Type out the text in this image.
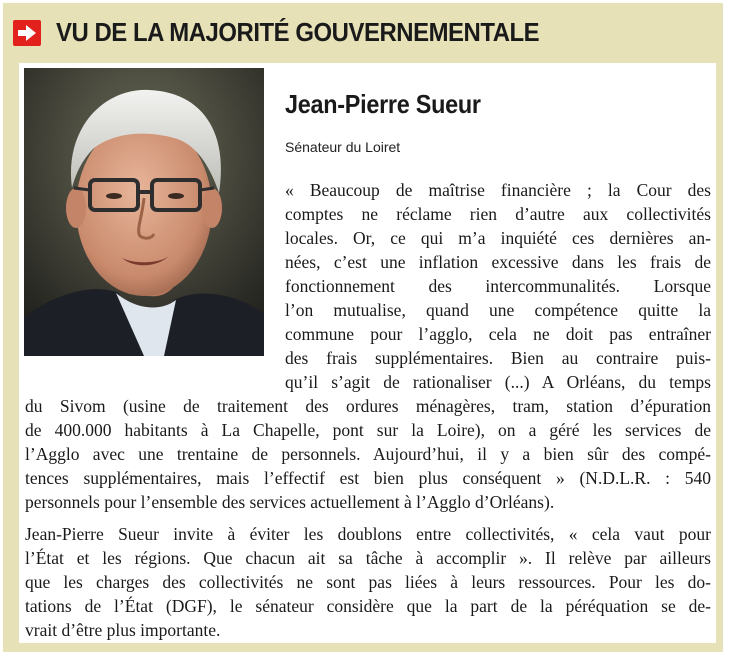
VU DE LA MAJORITÉ GOUVERNEMENTALE
Jean-Pierre Sueur
Sénateur du Loiret
« Beaucoup de maîtrise financière ; la Cour des
comptes ne réclame rien d’autre aux collectivités
locales. Or, ce qui m’a inquiété ces dernières an-
nées, c’est une inflation excessive dans les frais de
fonctionnement des intercommunalités. Lorsque
l’on mutualise, quand une compétence quitte la
commune pour l’agglo, cela ne doit pas entraîner
des frais supplémentaires. Bien au contraire puis-
qu’il s’agit de rationaliser (...) A Orléans, du temps
du Sivom (usine de traitement des ordures ménagères, tram, station d’épuration
de 400.000 habitants à La Chapelle, pont sur la Loire), on a géré les services de
l’Agglo avec une trentaine de personnels. Aujourd’hui, il y a bien sûr des compé-
tences supplémentaires, mais l’effectif est bien plus conséquent » (N.D.L.R. : 540
personnels pour l’ensemble des services actuellement à l’Agglo d’Orléans).
Jean-Pierre Sueur invite à éviter les doublons entre collectivités, « cela vaut pour
l’État et les régions. Que chacun ait sa tâche à accomplir ». Il relève par ailleurs
que les charges des collectivités ne sont pas liées à leurs ressources. Pour les do-
tations de l’État (DGF), le sénateur considère que la part de la péréquation se de-
vrait d’être plus importante.
